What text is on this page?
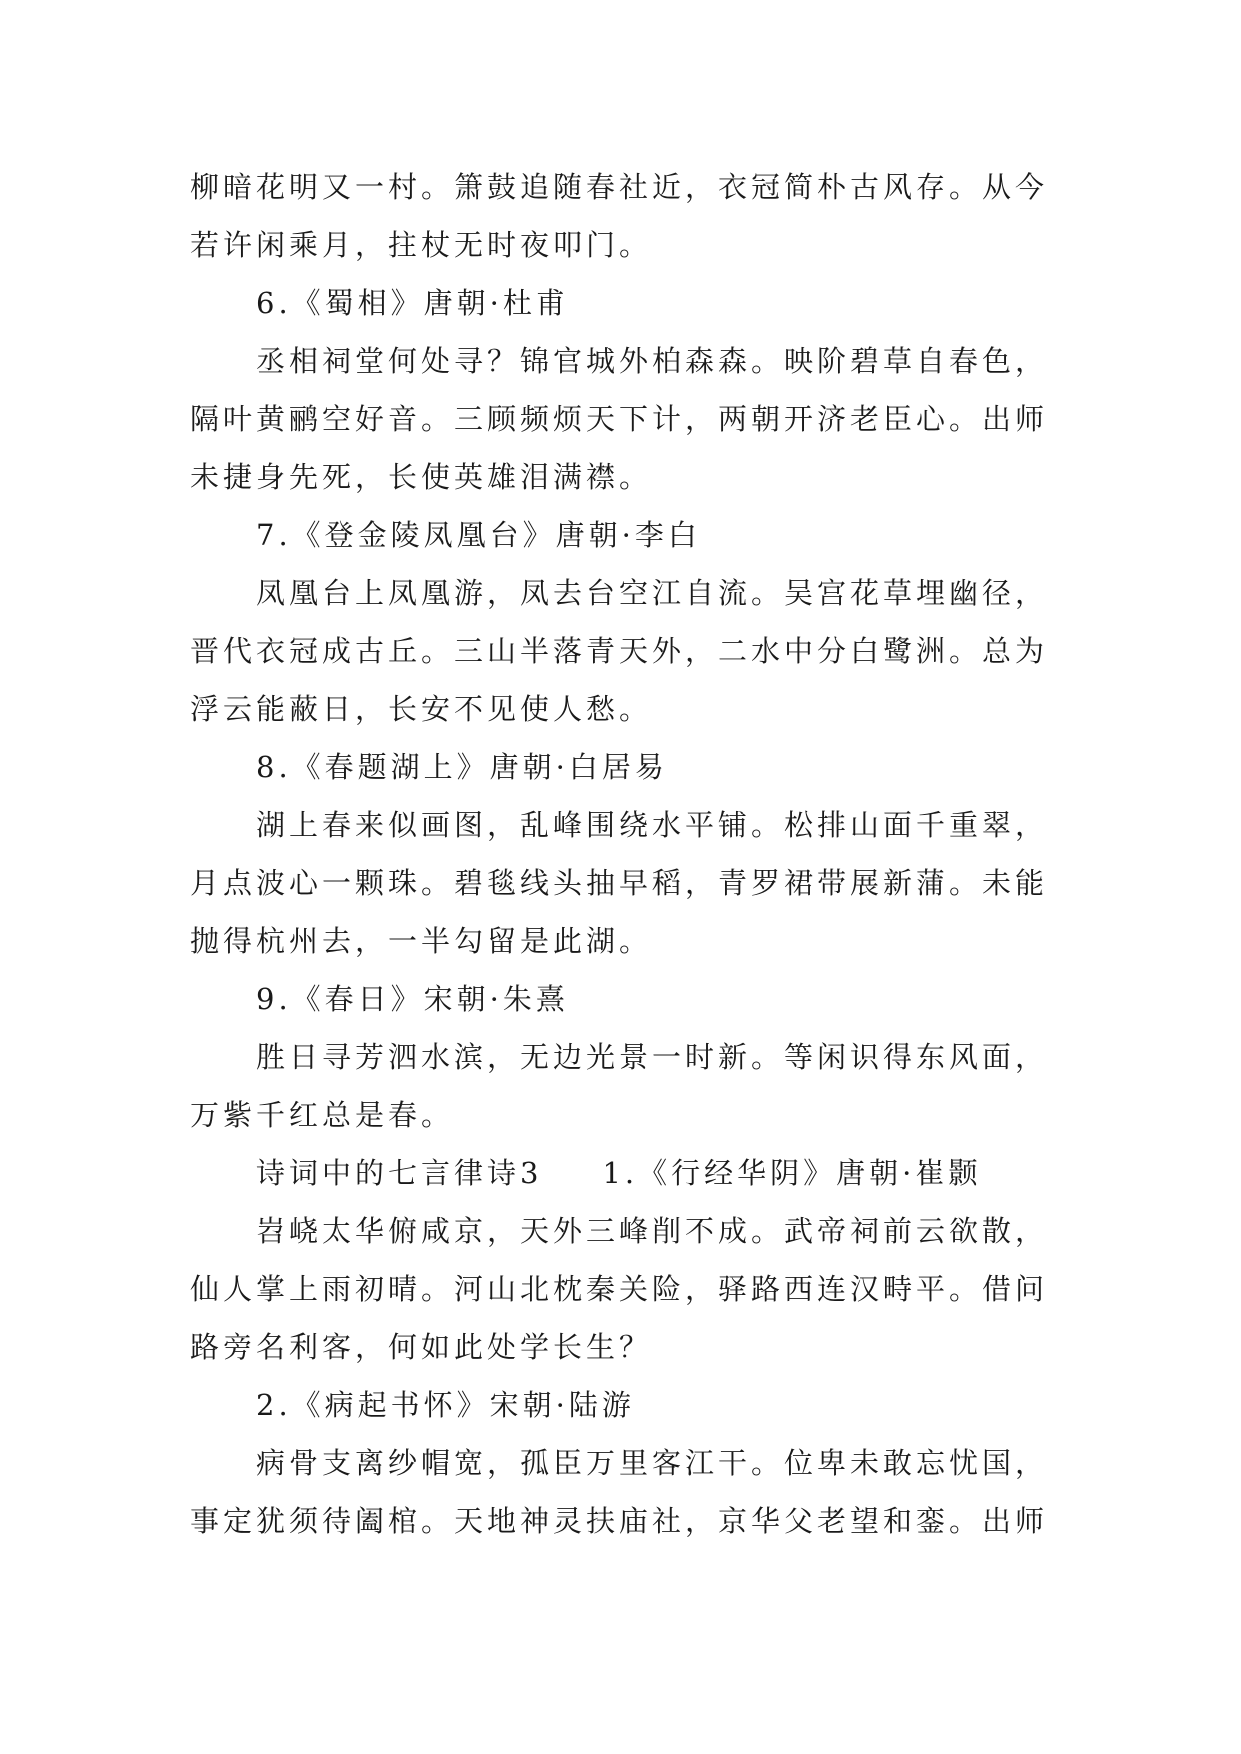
柳暗花明又一村。箫鼓追随春社近，衣冠简朴古风存。从今
若许闲乘月，拄杖无时夜叩门。
6.《蜀相》唐朝·杜甫
丞相祠堂何处寻？锦官城外柏森森。映阶碧草自春色，
隔叶黄鹂空好音。三顾频烦天下计，两朝开济老臣心。出师
未捷身先死，长使英雄泪满襟。
7.《登金陵凤凰台》唐朝·李白
凤凰台上凤凰游，凤去台空江自流。吴宫花草埋幽径，
晋代衣冠成古丘。三山半落青天外，二水中分白鹭洲。总为
浮云能蔽日，长安不见使人愁。
8.《春题湖上》唐朝·白居易
湖上春来似画图，乱峰围绕水平铺。松排山面千重翠，
月点波心一颗珠。碧毯线头抽早稻，青罗裙带展新蒲。未能
抛得杭州去，一半勾留是此湖。
9.《春日》宋朝·朱熹
胜日寻芳泗水滨，无边光景一时新。等闲识得东风面，
万紫千红总是春。
诗词中的七言律诗3 1.《行经华阴》唐朝·崔颢
岧峣太华俯咸京，天外三峰削不成。武帝祠前云欲散，
仙人掌上雨初晴。河山北枕秦关险，驿路西连汉畤平。借问
路旁名利客，何如此处学长生？
2.《病起书怀》宋朝·陆游
病骨支离纱帽宽，孤臣万里客江干。位卑未敢忘忧国，
事定犹须待阖棺。天地神灵扶庙社，京华父老望和銮。出师
